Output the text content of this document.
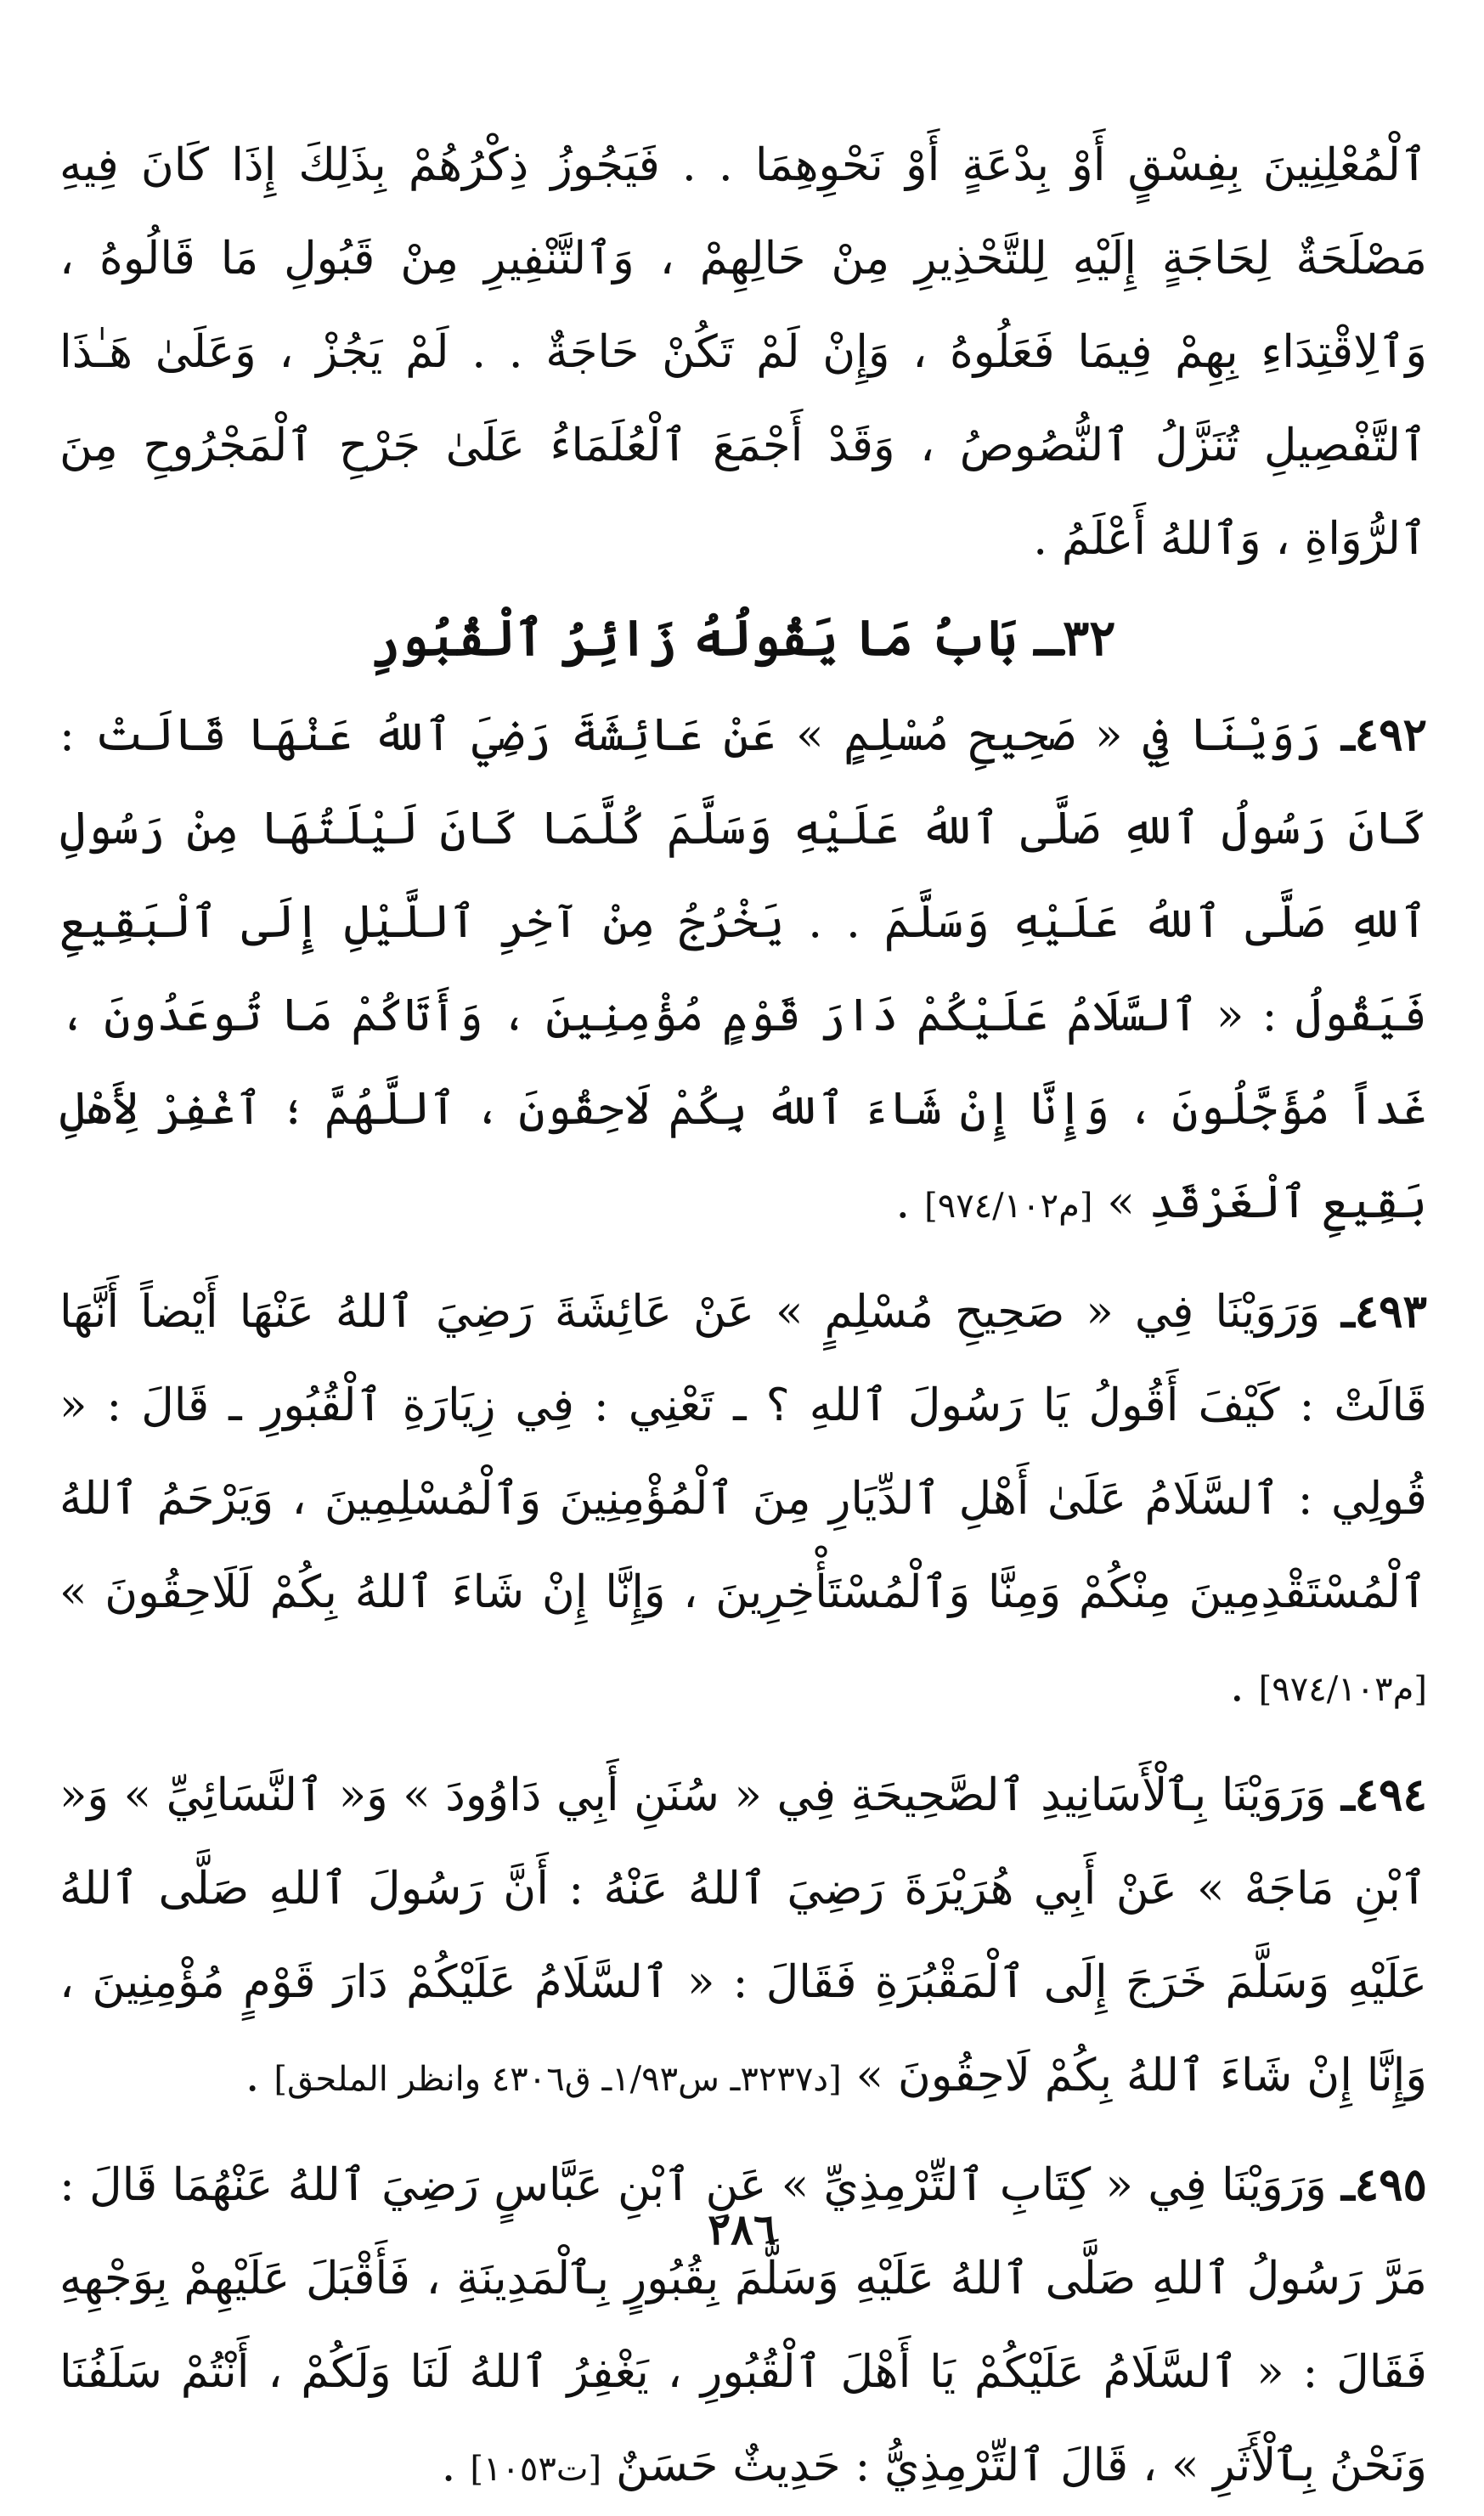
ٱلْمُعْلِنِينَ بِفِسْقٍ أَوْ بِدْعَةٍ أَوْ نَحْوِهِمَا . . فَيَجُوزُ ذِكْرُهُمْ بِذَلِكَ إِذَا كَانَ فِيهِ مَصْلَحَةٌ لِحَاجَةٍ إِلَيْهِ لِلتَّحْذِيرِ مِنْ حَالِهِمْ ، وَٱلتَّنْفِيرِ مِنْ قَبُولِ مَا قَالُوهُ ، وَٱلِاقْتِدَاءِ بِهِمْ فِيمَا فَعَلُوهُ ، وَإِنْ لَمْ تَكُنْ حَاجَةٌ . . لَمْ يَجُزْ ، وَعَلَىٰ هَـٰذَا ٱلتَّفْصِيلِ تُنَزَّلُ ٱلنُّصُوصُ ، وَقَدْ أَجْمَعَ ٱلْعُلَمَاءُ عَلَىٰ جَرْحِ ٱلْمَجْرُوحِ مِنَ ٱلرُّوَاةِ ، وَٱللهُ أَعْلَمُ .

٣٢ـ بَابُ مَا يَقُولُهُ زَائِرُ ٱلْقُبُورِ

٤٩٢ـ رَوَيْنَا فِي « صَحِيحِ مُسْلِمٍ » عَنْ عَائِشَةَ رَضِيَ ٱللهُ عَنْهَا قَالَتْ : كَانَ رَسُولُ ٱللهِ صَلَّى ٱللهُ عَلَيْهِ وَسَلَّمَ كُلَّمَا كَانَ لَيْلَتُهَا مِنْ رَسُولِ ٱللهِ صَلَّى ٱللهُ عَلَيْهِ وَسَلَّمَ . . يَخْرُجُ مِنْ آخِرِ ٱللَّيْلِ إِلَى ٱلْبَقِيعِ فَيَقُولُ : « ٱلسَّلَامُ عَلَيْكُمْ دَارَ قَوْمٍ مُؤْمِنِينَ ، وَأَتَاكُمْ مَا تُوعَدُونَ ، غَداً مُؤَجَّلُونَ ، وَإِنَّا إِنْ شَاءَ ٱللهُ بِكُمْ لَاحِقُونَ ، ٱللَّهُمَّ ؛ ٱغْفِرْ لِأَهْلِ بَقِيعِ ٱلْغَرْقَدِ » [م٩٧٤/١٠٢] .

٤٩٣ـ وَرَوَيْنَا فِي « صَحِيحِ مُسْلِمٍ » عَنْ عَائِشَةَ رَضِيَ ٱللهُ عَنْهَا أَيْضاً أَنَّهَا قَالَتْ : كَيْفَ أَقُولُ يَا رَسُولَ ٱللهِ ؟ ـ تَعْنِي : فِي زِيَارَةِ ٱلْقُبُورِ ـ قَالَ : « قُولِي : ٱلسَّلَامُ عَلَىٰ أَهْلِ ٱلدِّيَارِ مِنَ ٱلْمُؤْمِنِينَ وَٱلْمُسْلِمِينَ ، وَيَرْحَمُ ٱللهُ ٱلْمُسْتَقْدِمِينَ مِنْكُمْ وَمِنَّا وَٱلْمُسْتَأْخِرِينَ ، وَإِنَّا إِنْ شَاءَ ٱللهُ بِكُمْ لَلَاحِقُونَ » [م٩٧٤/١٠٣] .

٤٩٤ـ وَرَوَيْنَا بِٱلْأَسَانِيدِ ٱلصَّحِيحَةِ فِي « سُنَنِ أَبِي دَاوُودَ » وَ« ٱلنَّسَائِيِّ » وَ« ٱبْنِ مَاجَهْ » عَنْ أَبِي هُرَيْرَةَ رَضِيَ ٱللهُ عَنْهُ : أَنَّ رَسُولَ ٱللهِ صَلَّى ٱللهُ عَلَيْهِ وَسَلَّمَ خَرَجَ إِلَى ٱلْمَقْبُرَةِ فَقَالَ : « ٱلسَّلَامُ عَلَيْكُمْ دَارَ قَوْمٍ مُؤْمِنِينَ ، وَإِنَّا إِنْ شَاءَ ٱللهُ بِكُمْ لَاحِقُونَ » [د٣٢٣٧ـ س١/٩٣ـ ق٤٣٠٦ وانظر الملحق] .

٤٩٥ـ وَرَوَيْنَا فِي « كِتَابِ ٱلتِّرْمِذِيِّ » عَنِ ٱبْنِ عَبَّاسٍ رَضِيَ ٱللهُ عَنْهُمَا قَالَ : مَرَّ رَسُولُ ٱللهِ صَلَّى ٱللهُ عَلَيْهِ وَسَلَّمَ بِقُبُورٍ بِٱلْمَدِينَةِ ، فَأَقْبَلَ عَلَيْهِمْ بِوَجْهِهِ فَقَالَ : « ٱلسَّلَامُ عَلَيْكُمْ يَا أَهْلَ ٱلْقُبُورِ ، يَغْفِرُ ٱللهُ لَنَا وَلَكُمْ ، أَنْتُمْ سَلَفُنَا وَنَحْنُ بِٱلْأَثَرِ » ، قَالَ ٱلتِّرْمِذِيُّ : حَدِيثٌ حَسَنٌ [ت١٠٥٣] .

٢٨٦
